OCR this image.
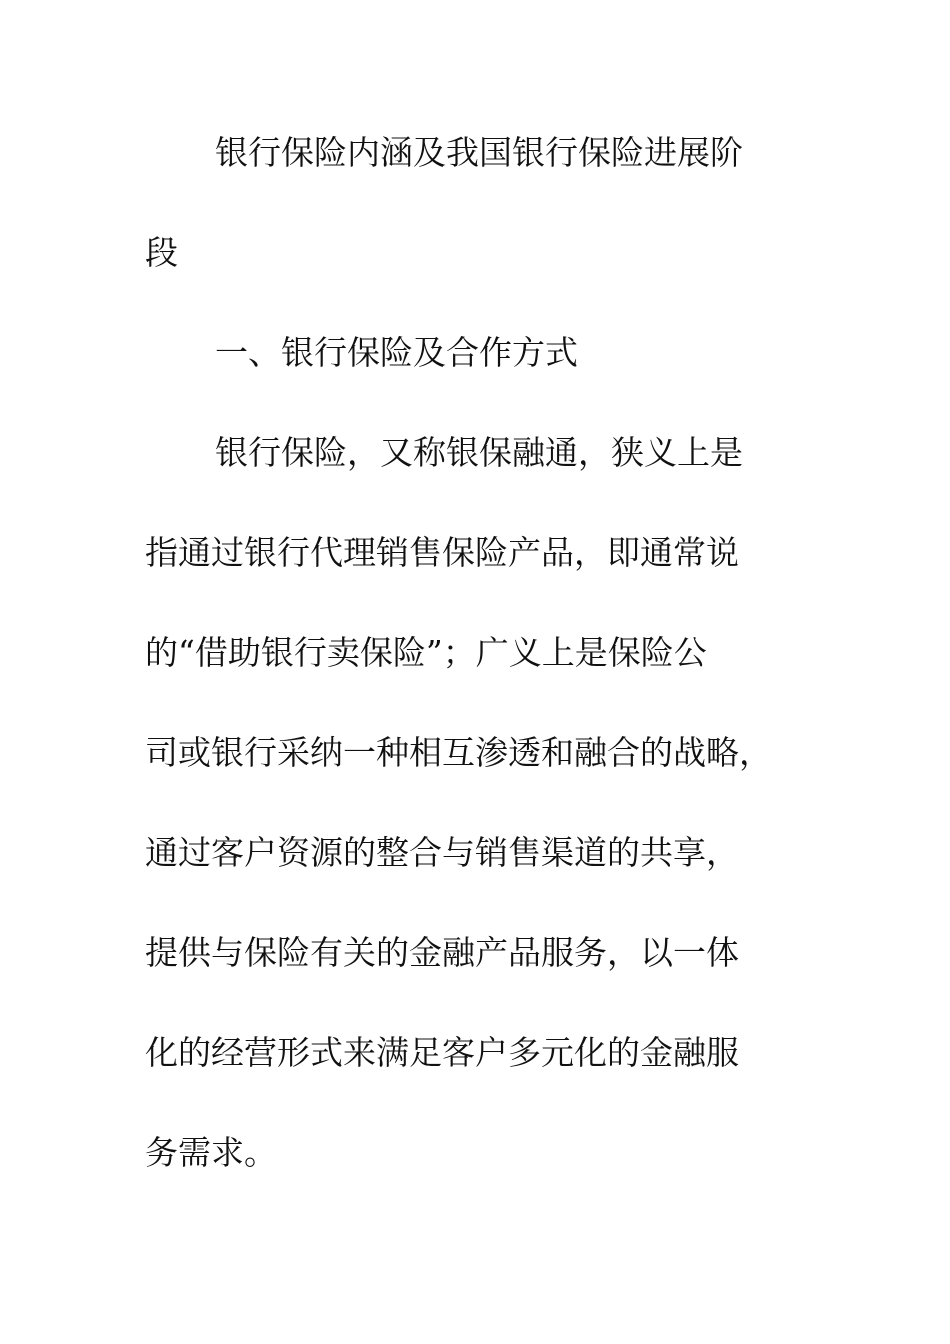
银行保险内涵及我国银行保险进展阶
段
一、银行保险及合作方式
银行保险，又称银保融通，狭义上是
指通过银行代理销售保险产品，即通常说
的“借助银行卖保险”；广义上是保险公
司或银行采纳一种相互渗透和融合的战略，
通过客户资源的整合与销售渠道的共享，
提供与保险有关的金融产品服务，以一体
化的经营形式来满足客户多元化的金融服
务需求。
